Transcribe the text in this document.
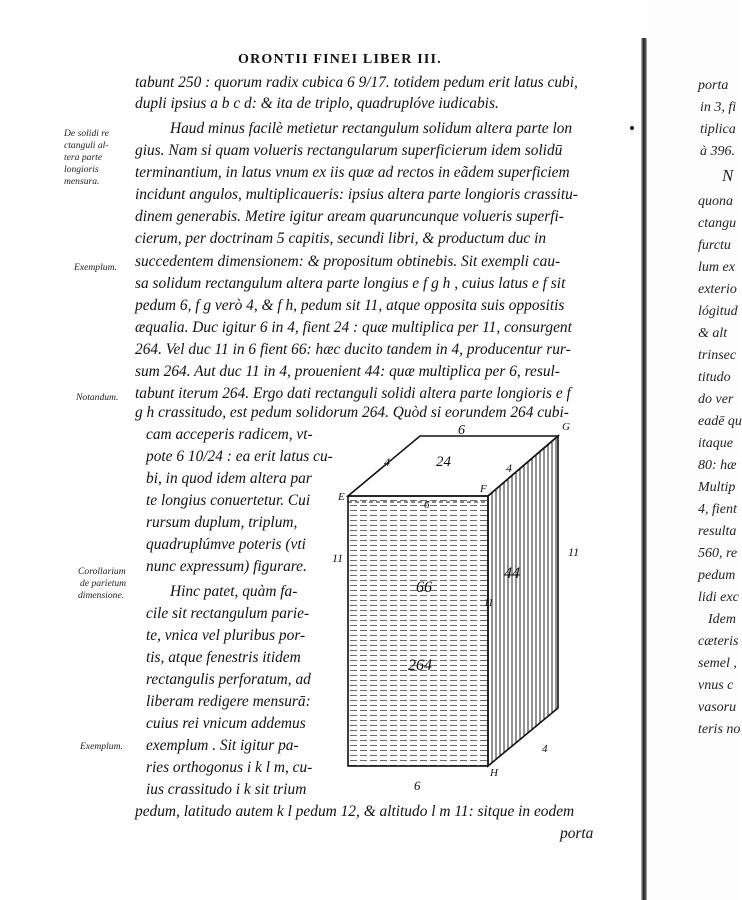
ORONTII FINEI LIBER III.
tabunt 250 : quorum radix cubica 6 9/17. totidem pedum erit latus cubi,
dupli ipsius a b c d: & ita de triplo, quadruplóve iudicabis.
Haud minus facilè metietur rectangulum solidum altera parte lon
gius. Nam si quam volueris rectangularum superficierum idem solidū
terminantium, in latus vnum ex iis quæ ad rectos in eãdem superficiem
incidunt angulos, multiplicaueris: ipsius altera parte longioris crassitu-
dinem generabis. Metire igitur aream quaruncunque volueris superfi-
cierum, per doctrinam 5 capitis, secundi libri, & productum duc in
succedentem dimensionem: & propositum obtinebis. Sit exempli cau-
sa solidum rectangulum altera parte longius e f g h , cuius latus e f sit
pedum 6, f g verò 4, & f h, pedum sit 11, atque opposita suis oppositis
æqualia. Duc igitur 6 in 4, fient 24 : quæ multiplica per 11, consurgent
264. Vel duc 11 in 6 fient 66: hæc ducito tandem in 4, producentur rur-
sum 264. Aut duc 11 in 4, prouenient 44: quæ multiplica per 6, resul-
tabunt iterum 264. Ergo dati rectanguli solidi altera parte longioris e f
g h crassitudo, est pedum solidorum 264. Quòd si eorundem 264 cubi-
cam acceperis radicem, vt-
pote 6 10/24 : ea erit latus cu-
bi, in quod idem altera par
te longius conuertetur. Cui
rursum duplum, triplum,
quadruplúmve poteris (vti
nunc expressum) figurare.
Hinc patet, quàm fa-
cile sit rectangulum parie-
te, vnica vel pluribus por-
tis, atque fenestris itidem
rectangulis perforatum, ad
liberam redigere mensurā:
cuius rei vnicum addemus
exemplum . Sit igitur pa-
ries orthogonus i k l m, cu-
ius crassitudo i k sit trium
pedum, latitudo autem k l pedum 12, & altitudo l m 11: sitque in eodem
porta
De solidi re
ctanguli al-
tera parte
longioris
mensura.
Exemplum.
Notandum.
Corollarium
de parietum
dimensione.
Exemplum.
6
4	4
G
E
F
H
24
6
11	11
11
66
264
44
4
6
porta
in 3, fi
tiplica
à 396.
N
quona
ctangu
furctu
lum ex
exterio
lógitud
& alt
trinsec
titudo
do ver
eadē qu
itaque
80: hæ
Multip
4, fient
resulta
560, re
pedum
lidi exc
Idem
cæteris
semel ,
vnus c
vasoru
teris no
